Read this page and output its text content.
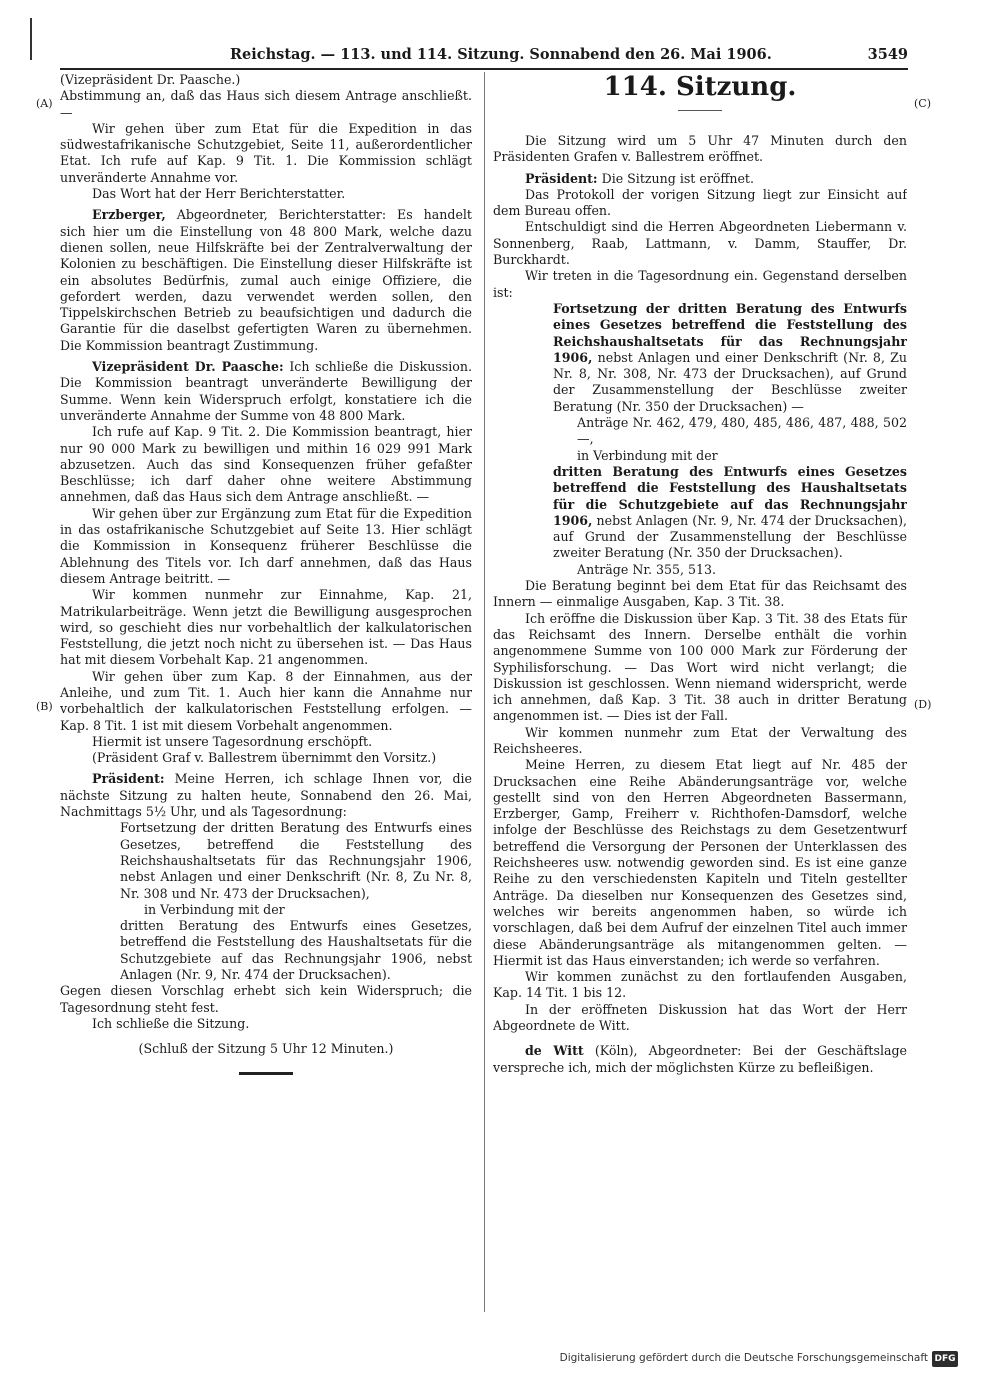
Reichstag. — 113. und 114. Sitzung. Sonnabend den 26. Mai 1906.	3549
(A)
(B)
(C)
(D)

(Vizepräsident Dr. Paasche.)

Abstimmung an, daß das Haus sich diesem Antrage anschließt. —

Wir gehen über zum Etat für die Expedition in das südwestafrikanische Schutzgebiet, Seite 11, außerordentlicher Etat. Ich rufe auf Kap. 9 Tit. 1. Die Kommission schlägt unveränderte Annahme vor.

Das Wort hat der Herr Berichterstatter.

Erzberger, Abgeordneter, Berichterstatter: Es handelt sich hier um die Einstellung von 48 800 Mark, welche dazu dienen sollen, neue Hilfskräfte bei der Zentralverwaltung der Kolonien zu beschäftigen. Die Einstellung dieser Hilfskräfte ist ein absolutes Bedürfnis, zumal auch einige Offiziere, die gefordert werden, dazu verwendet werden sollen, den Tippelskirchschen Betrieb zu beaufsichtigen und dadurch die Garantie für die daselbst gefertigten Waren zu übernehmen. Die Kommission beantragt Zustimmung.

Vizepräsident Dr. Paasche: Ich schließe die Diskussion. Die Kommission beantragt unveränderte Bewilligung der Summe. Wenn kein Widerspruch erfolgt, konstatiere ich die unveränderte Annahme der Summe von 48 800 Mark.

Ich rufe auf Kap. 9 Tit. 2. Die Kommission beantragt, hier nur 90 000 Mark zu bewilligen und mithin 16 029 991 Mark abzusetzen. Auch das sind Konsequenzen früher gefaßter Beschlüsse; ich darf daher ohne weitere Abstimmung annehmen, daß das Haus sich dem Antrage anschließt. —

Wir gehen über zur Ergänzung zum Etat für die Expedition in das ostafrikanische Schutzgebiet auf Seite 13. Hier schlägt die Kommission in Konsequenz früherer Beschlüsse die Ablehnung des Titels vor. Ich darf annehmen, daß das Haus diesem Antrage beitritt. —

Wir kommen nunmehr zur Einnahme, Kap. 21, Matrikularbeiträge. Wenn jetzt die Bewilligung ausgesprochen wird, so geschieht dies nur vorbehaltlich der kalkulatorischen Feststellung, die jetzt noch nicht zu übersehen ist. — Das Haus hat mit diesem Vorbehalt Kap. 21 angenommen.

Wir gehen über zum Kap. 8 der Einnahmen, aus der Anleihe, und zum Tit. 1. Auch hier kann die Annahme nur vorbehaltlich der kalkulatorischen Feststellung erfolgen. — Kap. 8 Tit. 1 ist mit diesem Vorbehalt angenommen.

Hiermit ist unsere Tagesordnung erschöpft.

(Präsident Graf v. Ballestrem übernimmt den Vorsitz.)

Präsident: Meine Herren, ich schlage Ihnen vor, die nächste Sitzung zu halten heute, Sonnabend den 26. Mai, Nachmittags 5½ Uhr, und als Tagesordnung:

Fortsetzung der dritten Beratung des Entwurfs eines Gesetzes, betreffend die Feststellung des Reichshaushaltsetats für das Rechnungsjahr 1906, nebst Anlagen und einer Denkschrift (Nr. 8, Zu Nr. 8, Nr. 308 und Nr. 473 der Drucksachen),

in Verbindung mit der

dritten Beratung des Entwurfs eines Gesetzes, betreffend die Feststellung des Haushaltsetats für die Schutzgebiete auf das Rechnungsjahr 1906, nebst Anlagen (Nr. 9, Nr. 474 der Drucksachen).

Gegen diesen Vorschlag erhebt sich kein Widerspruch; die Tagesordnung steht fest.

Ich schließe die Sitzung.

(Schluß der Sitzung 5 Uhr 12 Minuten.)

114. Sitzung.

Die Sitzung wird um 5 Uhr 47 Minuten durch den Präsidenten Grafen v. Ballestrem eröffnet.

Präsident: Die Sitzung ist eröffnet.

Das Protokoll der vorigen Sitzung liegt zur Einsicht auf dem Bureau offen.

Entschuldigt sind die Herren Abgeordneten Liebermann v. Sonnenberg, Raab, Lattmann, v. Damm, Stauffer, Dr. Burckhardt.

Wir treten in die Tagesordnung ein. Gegenstand derselben ist:

Fortsetzung der dritten Beratung des Entwurfs eines Gesetzes betreffend die Feststellung des Reichshaushaltsetats für das Rechnungsjahr 1906, nebst Anlagen und einer Denkschrift (Nr. 8, Zu Nr. 8, Nr. 308, Nr. 473 der Drucksachen), auf Grund der Zusammenstellung der Beschlüsse zweiter Beratung (Nr. 350 der Drucksachen) —

Anträge Nr. 462, 479, 480, 485, 486, 487, 488, 502 —,

in Verbindung mit der

dritten Beratung des Entwurfs eines Gesetzes betreffend die Feststellung des Haushaltsetats für die Schutzgebiete auf das Rechnungsjahr 1906, nebst Anlagen (Nr. 9, Nr. 474 der Drucksachen), auf Grund der Zusammenstellung der Beschlüsse zweiter Beratung (Nr. 350 der Drucksachen).

Anträge Nr. 355, 513.

Die Beratung beginnt bei dem Etat für das Reichsamt des Innern — einmalige Ausgaben, Kap. 3 Tit. 38.

Ich eröffne die Diskussion über Kap. 3 Tit. 38 des Etats für das Reichsamt des Innern. Derselbe enthält die vorhin angenommene Summe von 100 000 Mark zur Förderung der Syphilisforschung. — Das Wort wird nicht verlangt; die Diskussion ist geschlossen. Wenn niemand widerspricht, werde ich annehmen, daß Kap. 3 Tit. 38 auch in dritter Beratung angenommen ist. — Dies ist der Fall.

Wir kommen nunmehr zum Etat der Verwaltung des Reichsheeres.

Meine Herren, zu diesem Etat liegt auf Nr. 485 der Drucksachen eine Reihe Abänderungsanträge vor, welche gestellt sind von den Herren Abgeordneten Bassermann, Erzberger, Gamp, Freiherr v. Richthofen-Damsdorf, welche infolge der Beschlüsse des Reichstags zu dem Gesetzentwurf betreffend die Versorgung der Personen der Unterklassen des Reichsheeres usw. notwendig geworden sind. Es ist eine ganze Reihe zu den verschiedensten Kapiteln und Titeln gestellter Anträge. Da dieselben nur Konsequenzen des Gesetzes sind, welches wir bereits angenommen haben, so würde ich vorschlagen, daß bei dem Aufruf der einzelnen Titel auch immer diese Abänderungsanträge als mitangenommen gelten. — Hiermit ist das Haus einverstanden; ich werde so verfahren.

Wir kommen zunächst zu den fortlaufenden Ausgaben, Kap. 14 Tit. 1 bis 12.

In der eröffneten Diskussion hat das Wort der Herr Abgeordnete de Witt.

de Witt (Köln), Abgeordneter: Bei der Geschäftslage verspreche ich, mich der möglichsten Kürze zu befleißigen.

Digitalisierung gefördert durch die Deutsche Forschungsgemeinschaft DFG
